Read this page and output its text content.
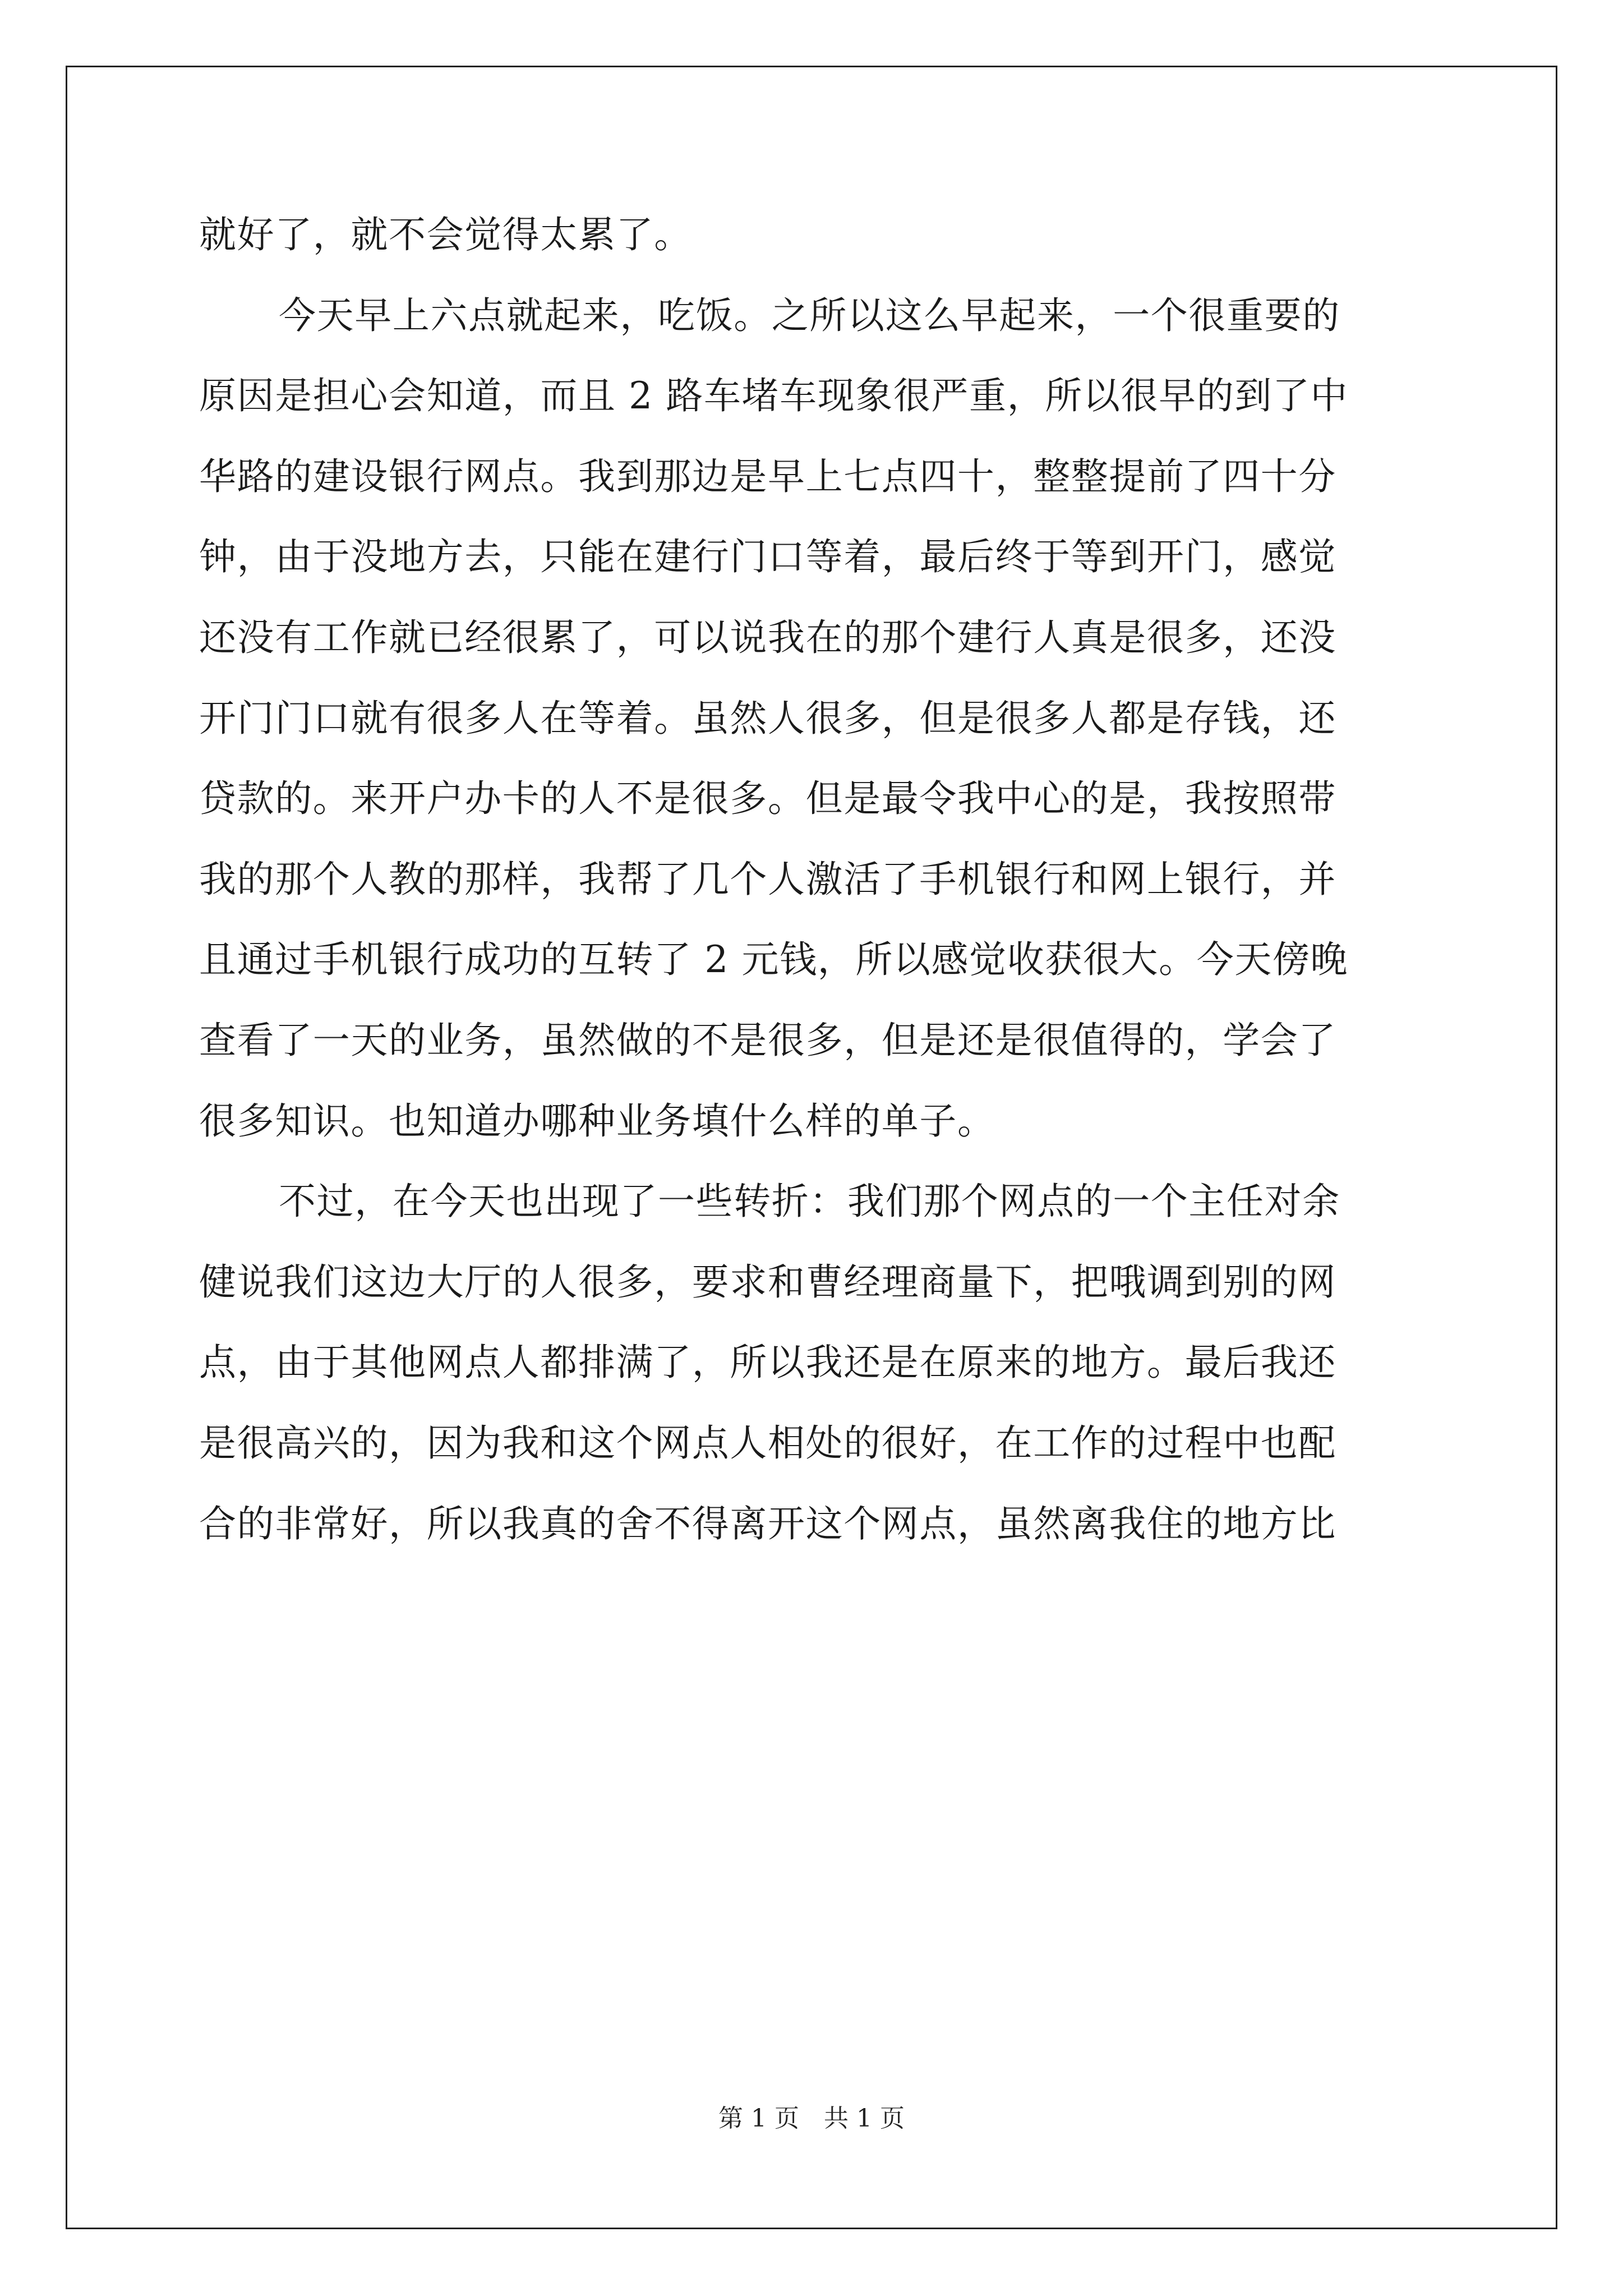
就好了，就不会觉得太累了。
今天早上六点就起来，吃饭。之所以这么早起来，一个很重要的
原因是担心会知道，而且 2 路车堵车现象很严重，所以很早的到了中
华路的建设银行网点。我到那边是早上七点四十，整整提前了四十分
钟，由于没地方去，只能在建行门口等着，最后终于等到开门，感觉
还没有工作就已经很累了，可以说我在的那个建行人真是很多，还没
开门门口就有很多人在等着。虽然人很多，但是很多人都是存钱，还
贷款的。来开户办卡的人不是很多。但是最令我中心的是，我按照带
我的那个人教的那样，我帮了几个人激活了手机银行和网上银行，并
且通过手机银行成功的互转了 2 元钱，所以感觉收获很大。今天傍晚
查看了一天的业务，虽然做的不是很多，但是还是很值得的，学会了
很多知识。也知道办哪种业务填什么样的单子。
不过，在今天也出现了一些转折：我们那个网点的一个主任对余
健说我们这边大厅的人很多，要求和曹经理商量下，把哦调到别的网
点，由于其他网点人都排满了，所以我还是在原来的地方。最后我还
是很高兴的，因为我和这个网点人相处的很好，在工作的过程中也配
合的非常好，所以我真的舍不得离开这个网点，虽然离我住的地方比
第 1 页　共 1 页
